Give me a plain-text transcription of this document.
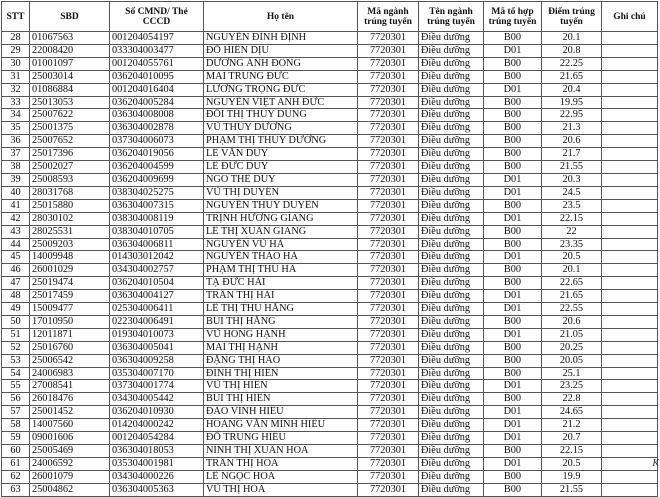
STT	SBD	Số CMND/ Thẻ CCCD	Họ tên	Mã ngành trúng tuyển	Tên ngành trúng tuyển	Mã tổ hợp trúng tuyển	Điểm trúng tuyển	Ghi chú
28	01067563	001204054197	NGUYỄN ĐÌNH ĐỊNH	7720301	Điều dưỡng	B00	20.1	
29	22008420	033304003477	ĐỖ HIỀN DỊU	7720301	Điều dưỡng	D01	20.8	
30	01001097	001204055761	DƯƠNG ÁNH ĐỒNG	7720301	Điều dưỡng	B00	22.25	
31	25003014	036204010095	MAI TRUNG ĐỨC	7720301	Điều dưỡng	B00	21.65	
32	01086884	001204016404	LƯƠNG TRỌNG ĐỨC	7720301	Điều dưỡng	D01	20.4	
33	25013053	036204005284	NGUYỄN VIỆT ANH ĐỨC	7720301	Điều dưỡng	B00	19.95	
34	25007622	036304008008	ĐỖI THỊ THÙY DUNG	7720301	Điều dưỡng	B00	22.95	
35	25001375	036304002878	VŨ THÙY DƯƠNG	7720301	Điều dưỡng	B00	21.3	
36	25007652	037304006073	PHẠM THỊ THÙY DƯƠNG	7720301	Điều dưỡng	B00	20.6	
37	25017396	036204019056	LÊ VĂN DUY	7720301	Điều dưỡng	B00	21.7	
38	25002027	036204004599	LÊ ĐỨC DUY	7720301	Điều dưỡng	B00	21.55	
39	25008593	036204009699	NGÔ THẾ DUY	7720301	Điều dưỡng	D01	20.3	
40	28031768	038304025275	VŨ THỊ DUYÊN	7720301	Điều dưỡng	D01	24.5	
41	25015880	036304007315	NGUYỄN THÙY DUYÊN	7720301	Điều dưỡng	B00	23.5	
42	28030102	038304008119	TRỊNH HƯƠNG GIANG	7720301	Điều dưỡng	D01	22.15	
43	28025531	038304010705	LÊ THỊ XUÂN GIANG	7720301	Điều dưỡng	B00	22	
44	25009203	036304006811	NGUYỄN VŨ HÀ	7720301	Điều dưỡng	B00	23.35	
45	14009948	014303012042	NGUYỄN THẢO HÀ	7720301	Điều dưỡng	D01	20.5	
46	26001029	034304002757	PHẠM THỊ THU HÀ	7720301	Điều dưỡng	B00	20.1	
47	25019474	036204010504	TẠ ĐỨC HẢI	7720301	Điều dưỡng	B00	22.65	
48	25017459	036304004127	TRẦN THỊ HẢI	7720301	Điều dưỡng	D01	21.65	
49	15009477	025304006411	LÊ THỊ THU HẰNG	7720301	Điều dưỡng	D01	22.55	
50	17010950	022304006491	BÙI THỊ HẰNG	7720301	Điều dưỡng	B00	20.6	
51	12011871	019304010073	VŨ HỒNG HẠNH	7720301	Điều dưỡng	D01	21.05	
52	25016760	036304005041	MAI THỊ HẠNH	7720301	Điều dưỡng	B00	20.25	
53	25006542	036304009258	ĐẶNG THỊ HẢO	7720301	Điều dưỡng	B00	20.05	
54	24006983	035304007170	ĐINH THỊ HIỀN	7720301	Điều dưỡng	B00	25.1	
55	27008541	037304001774	VŨ THỊ HIỀN	7720301	Điều dưỡng	D01	23.25	
56	26018476	034304005442	BÙI THỊ HIỀN	7720301	Điều dưỡng	B00	22.8	
57	25001452	036204010930	ĐÀO VINH HIẾU	7720301	Điều dưỡng	D01	24.65	
58	14007560	014204000242	HOÀNG VĂN MINH HIẾU	7720301	Điều dưỡng	D01	21.2	
59	09001606	001204054284	ĐỖ TRUNG HIẾU	7720301	Điều dưỡng	D01	20.7	
60	25005469	036304018053	NINH THỊ XUÂN HOA	7720301	Điều dưỡng	B00	22.15	
61	24006592	035304001981	TRẦN THỊ HOA	7720301	Điều dưỡng	D01	20.5	
62	26001079	034304000226	LÊ NGỌC HOA	7720301	Điều dưỡng	B00	19.9	
63	25004862	036304005363	VŨ THỊ HÒA	7720301	Điều dưỡng	B00	21.55	
K
